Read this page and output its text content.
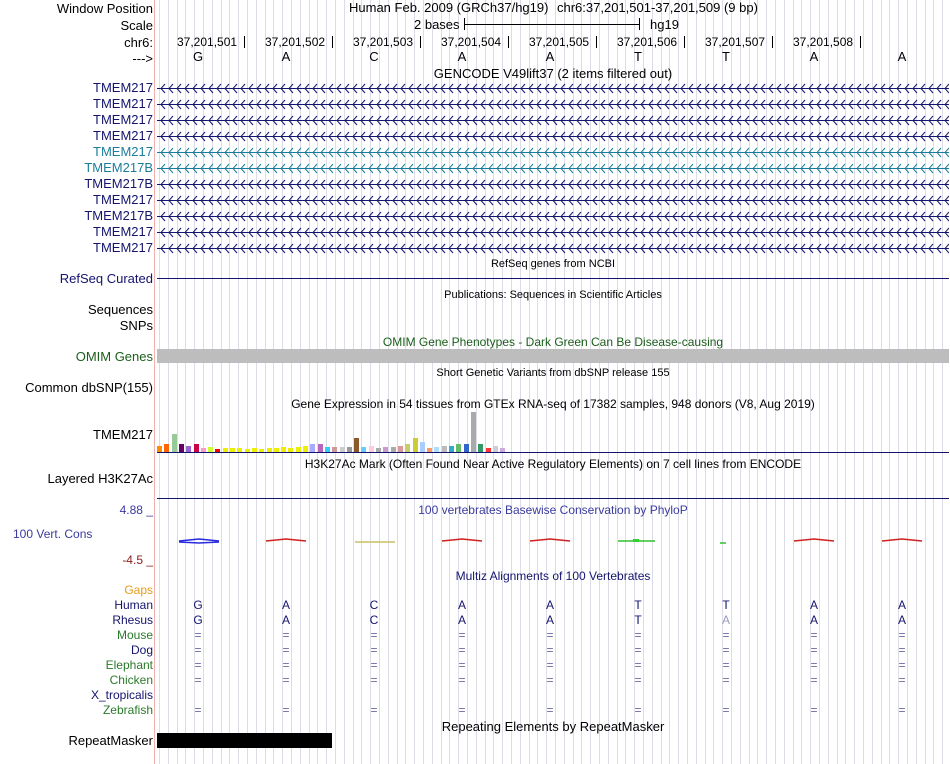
Window Position	Human Feb. 2009 (GRCh37/hg19) chr6:37,201,501-37,201,509 (9 bp)
Scale	2 bases	hg19
chr6: 37,201,501 37,201,502 37,201,503 37,201,504 37,201,505 37,201,506 37,201,507 37,201,508
--->	G	A	C	A	A	T	T	A	A
GENCODE V49lift37 (2 items filtered out)
TMEM217
TMEM217
TMEM217
TMEM217
TMEM217
TMEM217B
TMEM217B
TMEM217
TMEM217B
TMEM217
TMEM217
RefSeq genes from NCBI
RefSeq Curated
Publications: Sequences in Scientific Articles
Sequences
SNPs
OMIM Gene Phenotypes - Dark Green Can Be Disease-causing
OMIM Genes
Short Genetic Variants from dbSNP release 155
Common dbSNP(155)
Gene Expression in 54 tissues from GTEx RNA-seq of 17382 samples, 948 donors (V8, Aug 2019)
TMEM217
H3K27Ac Mark (Often Found Near Active Regulatory Elements) on 7 cell lines from ENCODE
Layered H3K27Ac
100 vertebrates Basewise Conservation by PhyloP
4.88 _
100 Vert. Cons
-4.5 _
Multiz Alignments of 100 Vertebrates
Gaps
Human	G	A	C	A	A	T	T	A	A
Rhesus	G	A	C	A	A	T	A	A	A
Mouse	=	=	=	=	=	=	=	=	=
Dog	=	=	=	=	=	=	=	=	=
Elephant	=	=	=	=	=	=	=	=	=
Chicken	=	=	=	=	=	=	=	=	=
X_tropicalis
Zebrafish	=	=	=	=	=	=	=	=	=
Repeating Elements by RepeatMasker
RepeatMasker
